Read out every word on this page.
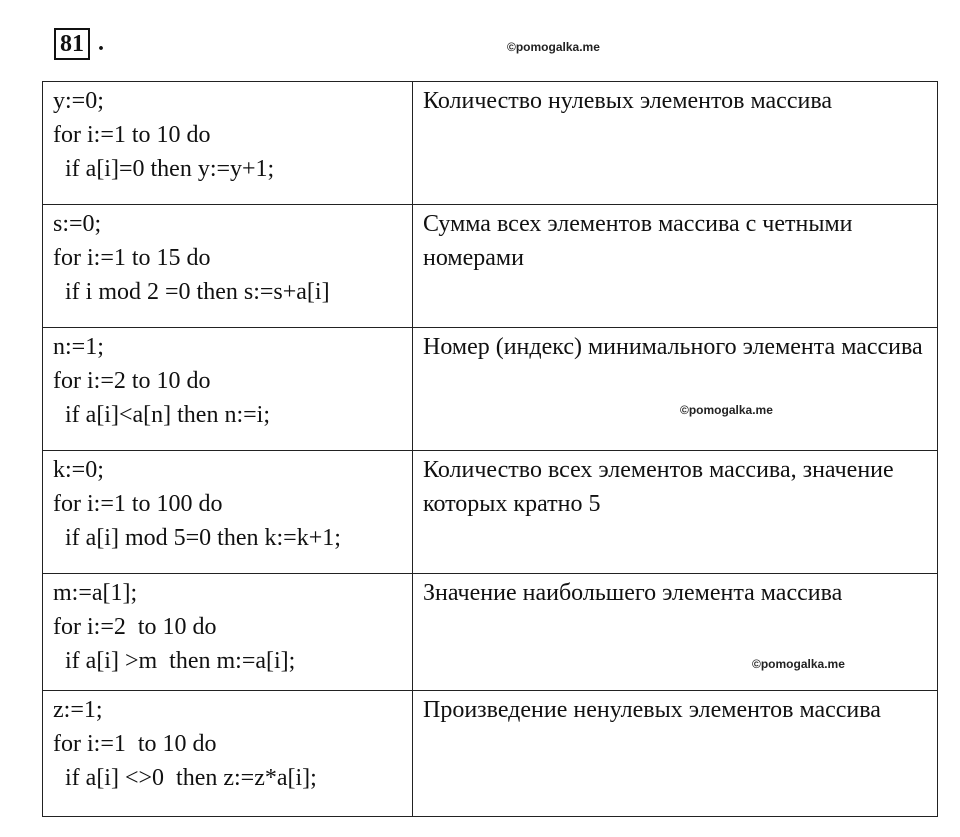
81 .	©pomogalka.me
y:=0;
for i:=1 to 10 do
if a[i]=0 then y:=y+1;	Количество нулевых элементов массива

s:=0;
for i:=1 to 15 do
if i mod 2 =0 then s:=s+a[i]	Сумма всех элементов массива с четными номерами

n:=1;
for i:=2 to 10 do
if a[i]<a[n] then n:=i;	Номер (индекс) минимального элемента массива

k:=0;
for i:=1 to 100 do
if a[i] mod 5=0 then k:=k+1;	Количество всех элементов массива, значение которых кратно 5

m:=a[1];
for i:=2  to 10 do
if a[i] >m  then m:=a[i];	Значение наибольшего элемента массива

z:=1;
for i:=1  to 10 do
if a[i] <>0  then z:=z*a[i];	Произведение ненулевых элементов массива
©pomogalka.me
©pomogalka.me
